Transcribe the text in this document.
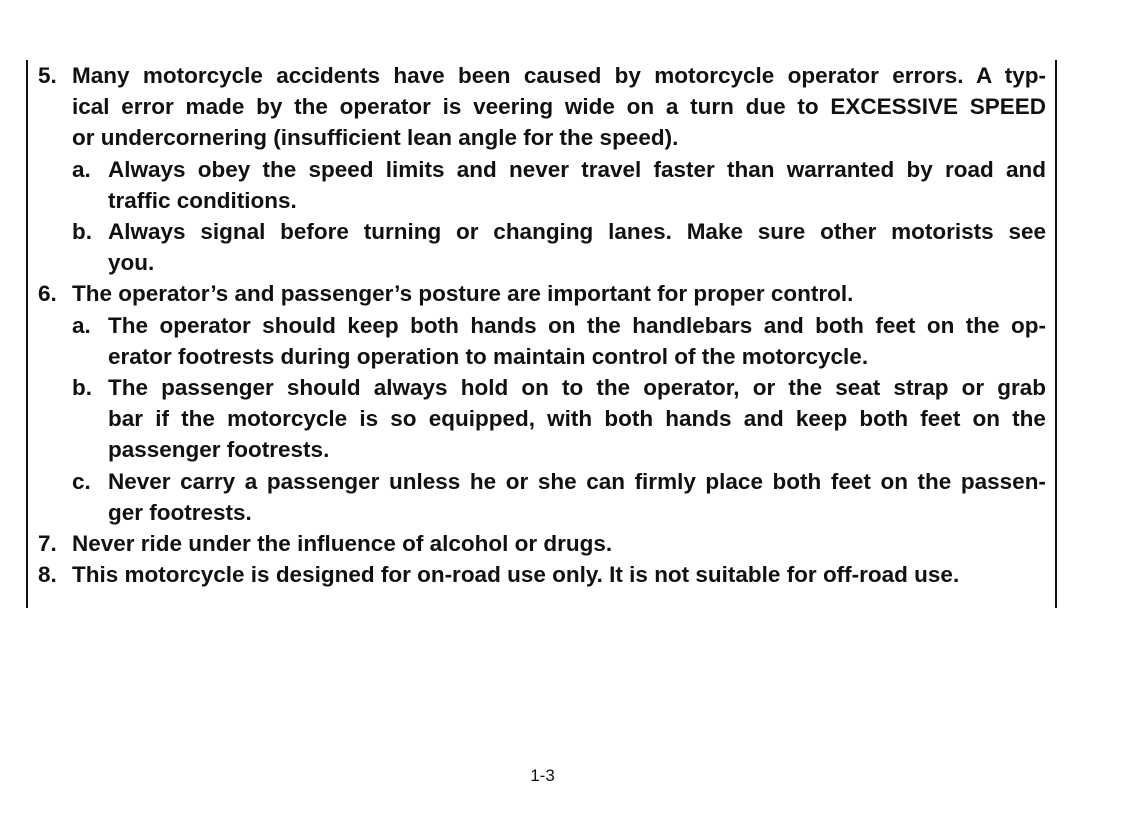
5. Many motorcycle accidents have been caused by motorcycle operator errors. A typ-
ical error made by the operator is veering wide on a turn due to EXCESSIVE SPEED
or undercornering (insufficient lean angle for the speed).
a. Always obey the speed limits and never travel faster than warranted by road and
traffic conditions.
b. Always signal before turning or changing lanes. Make sure other motorists see
you.
6. The operator’s and passenger’s posture are important for proper control.
a. The operator should keep both hands on the handlebars and both feet on the op-
erator footrests during operation to maintain control of the motorcycle.
b. The passenger should always hold on to the operator, or the seat strap or grab
bar if the motorcycle is so equipped, with both hands and keep both feet on the
passenger footrests.
c. Never carry a passenger unless he or she can firmly place both feet on the passen-
ger footrests.
7. Never ride under the influence of alcohol or drugs.
8. This motorcycle is designed for on-road use only. It is not suitable for off-road use.
1-3
